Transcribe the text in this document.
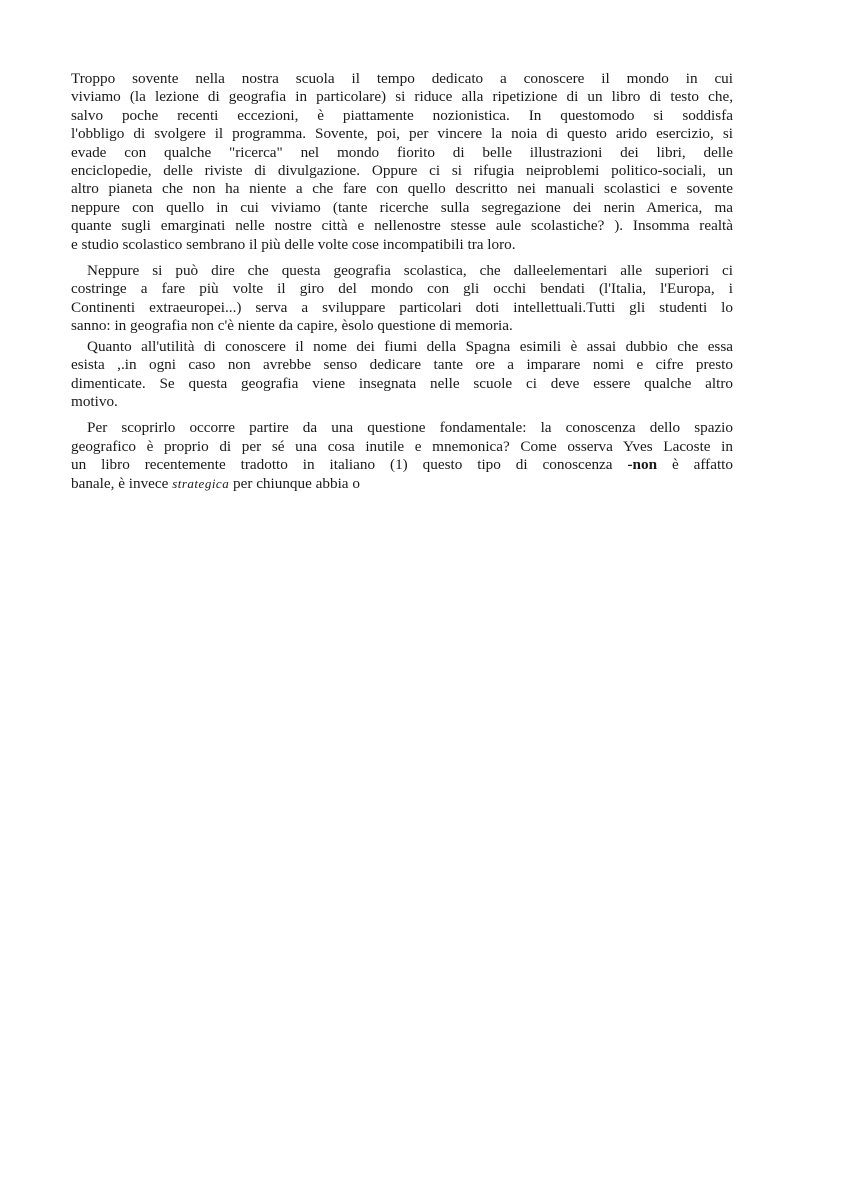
Troppo sovente nella nostra scuola il tempo dedicato a conoscere il mondo in cui
viviamo (la lezione di geografia in particolare) si riduce alla ripetizione di un libro di testo che,
salvo poche recenti eccezioni, è piattamente nozionistica. In questomodo si soddisfa
l'obbligo di svolgere il programma. Sovente, poi, per vincere la noia di questo arido esercizio, si
evade con qualche "ricerca" nel mondo fiorito di belle illustrazioni dei libri, delle
enciclopedie, delle riviste di divulgazione. Oppure ci si rifugia neiproblemi politico-sociali, un
altro pianeta che non ha niente a che fare con quello descritto nei manuali scolastici e sovente
neppure con quello in cui viviamo (tante ricerche sulla segregazione dei nerin America, ma
quante sugli emarginati nelle nostre città e nellenostre stesse aule scolastiche? ). Insomma realtà
e studio scolastico sembrano il più delle volte cose incompatibili tra loro.
Neppure si può dire che questa geografia scolastica, che dalleelementari alle superiori ci
costringe a fare più volte il giro del mondo con gli occhi bendati (l'Italia, l'Europa, i
Continenti extraeuropei...) serva a sviluppare particolari doti intellettuali.Tutti gli studenti lo
sanno: in geografia non c'è niente da capire, èsolo questione di memoria.
Quanto all'utilità di conoscere il nome dei fiumi della Spagna esimili è assai dubbio che essa
esista ,.in ogni caso non avrebbe senso dedicare tante ore a imparare nomi e cifre presto
dimenticate. Se questa geografia viene insegnata nelle scuole ci deve essere qualche altro
motivo.
Per scoprirlo occorre partire da una questione fondamentale: la conoscenza dello spazio
geografico è proprio di per sé una cosa inutile e mnemonica? Come osserva Yves Lacoste in
un libro recentemente tradotto in italiano (1) questo tipo di conoscenza -non è affatto
banale, è invece strategica per chiunque abbia o
